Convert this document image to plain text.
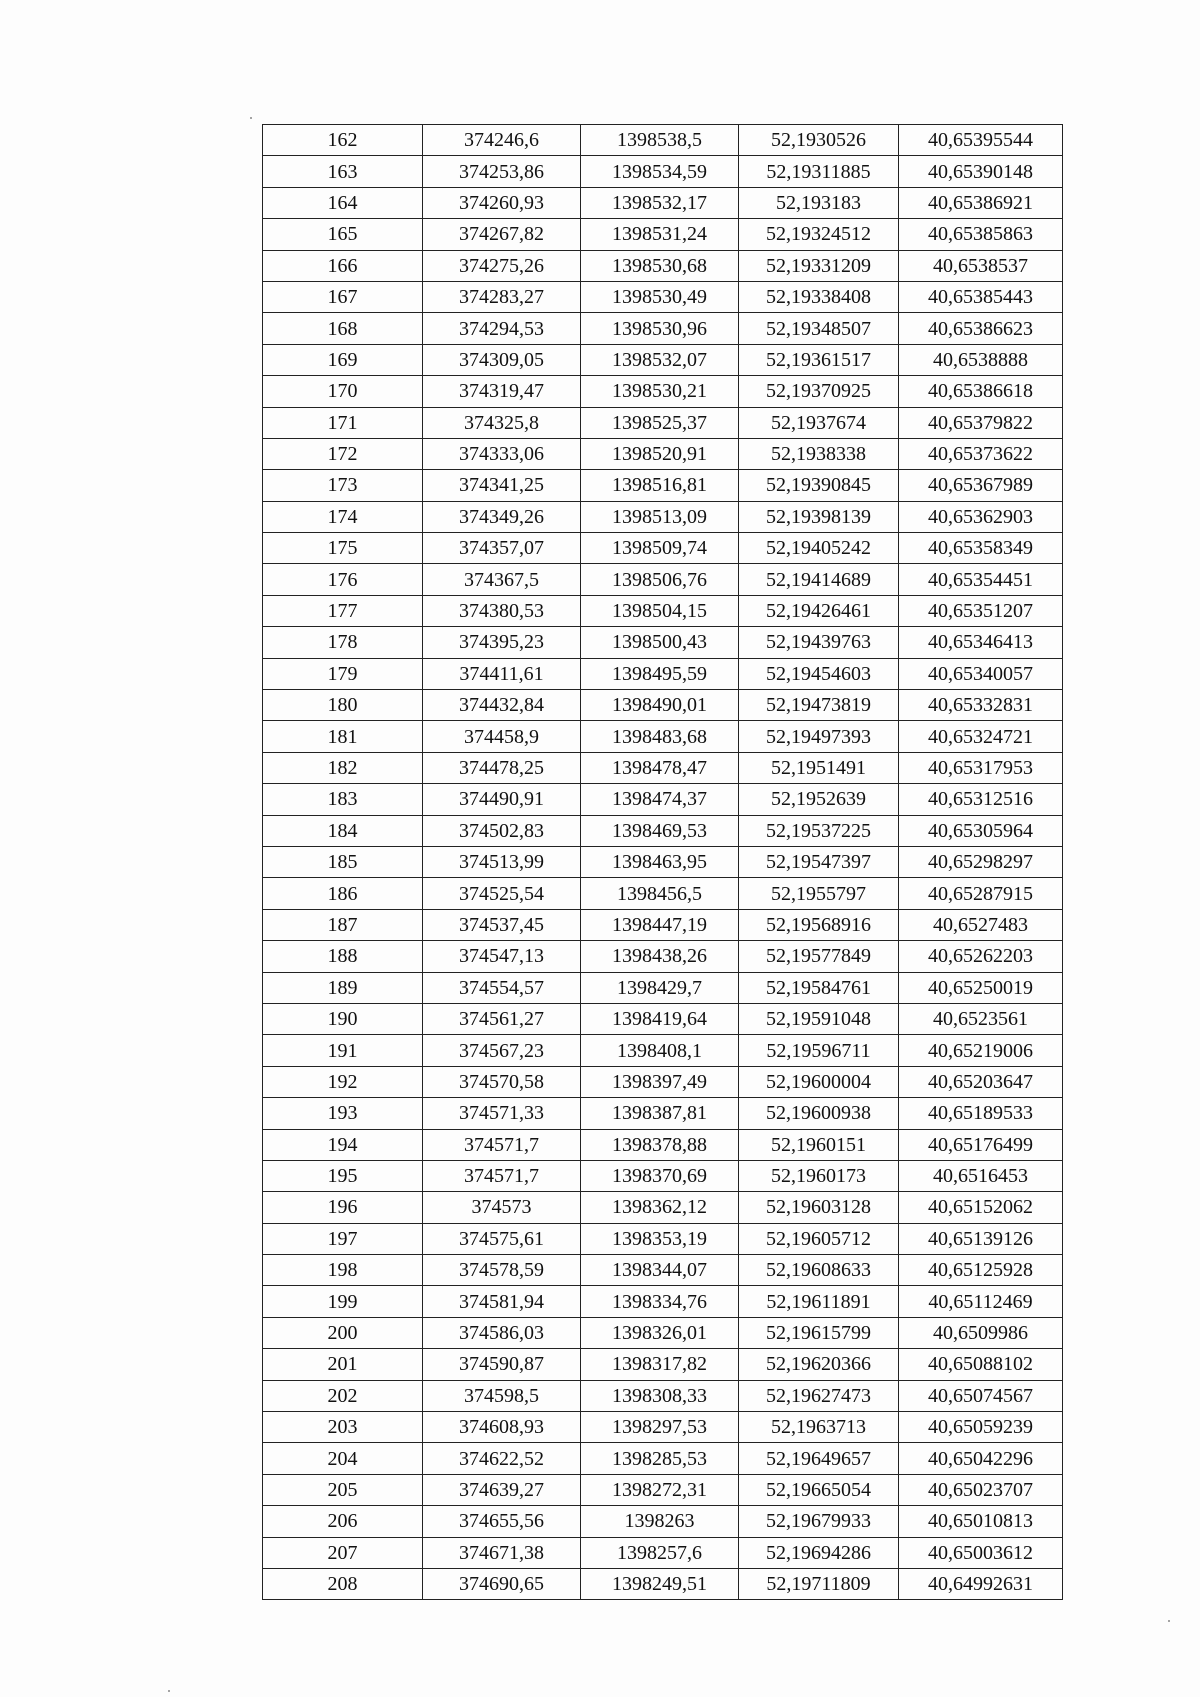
162	374246,6	1398538,5	52,1930526	40,65395544
163	374253,86	1398534,59	52,19311885	40,65390148
164	374260,93	1398532,17	52,193183	40,65386921
165	374267,82	1398531,24	52,19324512	40,65385863
166	374275,26	1398530,68	52,19331209	40,6538537
167	374283,27	1398530,49	52,19338408	40,65385443
168	374294,53	1398530,96	52,19348507	40,65386623
169	374309,05	1398532,07	52,19361517	40,6538888
170	374319,47	1398530,21	52,19370925	40,65386618
171	374325,8	1398525,37	52,1937674	40,65379822
172	374333,06	1398520,91	52,1938338	40,65373622
173	374341,25	1398516,81	52,19390845	40,65367989
174	374349,26	1398513,09	52,19398139	40,65362903
175	374357,07	1398509,74	52,19405242	40,65358349
176	374367,5	1398506,76	52,19414689	40,65354451
177	374380,53	1398504,15	52,19426461	40,65351207
178	374395,23	1398500,43	52,19439763	40,65346413
179	374411,61	1398495,59	52,19454603	40,65340057
180	374432,84	1398490,01	52,19473819	40,65332831
181	374458,9	1398483,68	52,19497393	40,65324721
182	374478,25	1398478,47	52,1951491	40,65317953
183	374490,91	1398474,37	52,1952639	40,65312516
184	374502,83	1398469,53	52,19537225	40,65305964
185	374513,99	1398463,95	52,19547397	40,65298297
186	374525,54	1398456,5	52,1955797	40,65287915
187	374537,45	1398447,19	52,19568916	40,6527483
188	374547,13	1398438,26	52,19577849	40,65262203
189	374554,57	1398429,7	52,19584761	40,65250019
190	374561,27	1398419,64	52,19591048	40,6523561
191	374567,23	1398408,1	52,19596711	40,65219006
192	374570,58	1398397,49	52,19600004	40,65203647
193	374571,33	1398387,81	52,19600938	40,65189533
194	374571,7	1398378,88	52,1960151	40,65176499
195	374571,7	1398370,69	52,1960173	40,6516453
196	374573	1398362,12	52,19603128	40,65152062
197	374575,61	1398353,19	52,19605712	40,65139126
198	374578,59	1398344,07	52,19608633	40,65125928
199	374581,94	1398334,76	52,19611891	40,65112469
200	374586,03	1398326,01	52,19615799	40,6509986
201	374590,87	1398317,82	52,19620366	40,65088102
202	374598,5	1398308,33	52,19627473	40,65074567
203	374608,93	1398297,53	52,1963713	40,65059239
204	374622,52	1398285,53	52,19649657	40,65042296
205	374639,27	1398272,31	52,19665054	40,65023707
206	374655,56	1398263	52,19679933	40,65010813
207	374671,38	1398257,6	52,19694286	40,65003612
208	374690,65	1398249,51	52,19711809	40,64992631
